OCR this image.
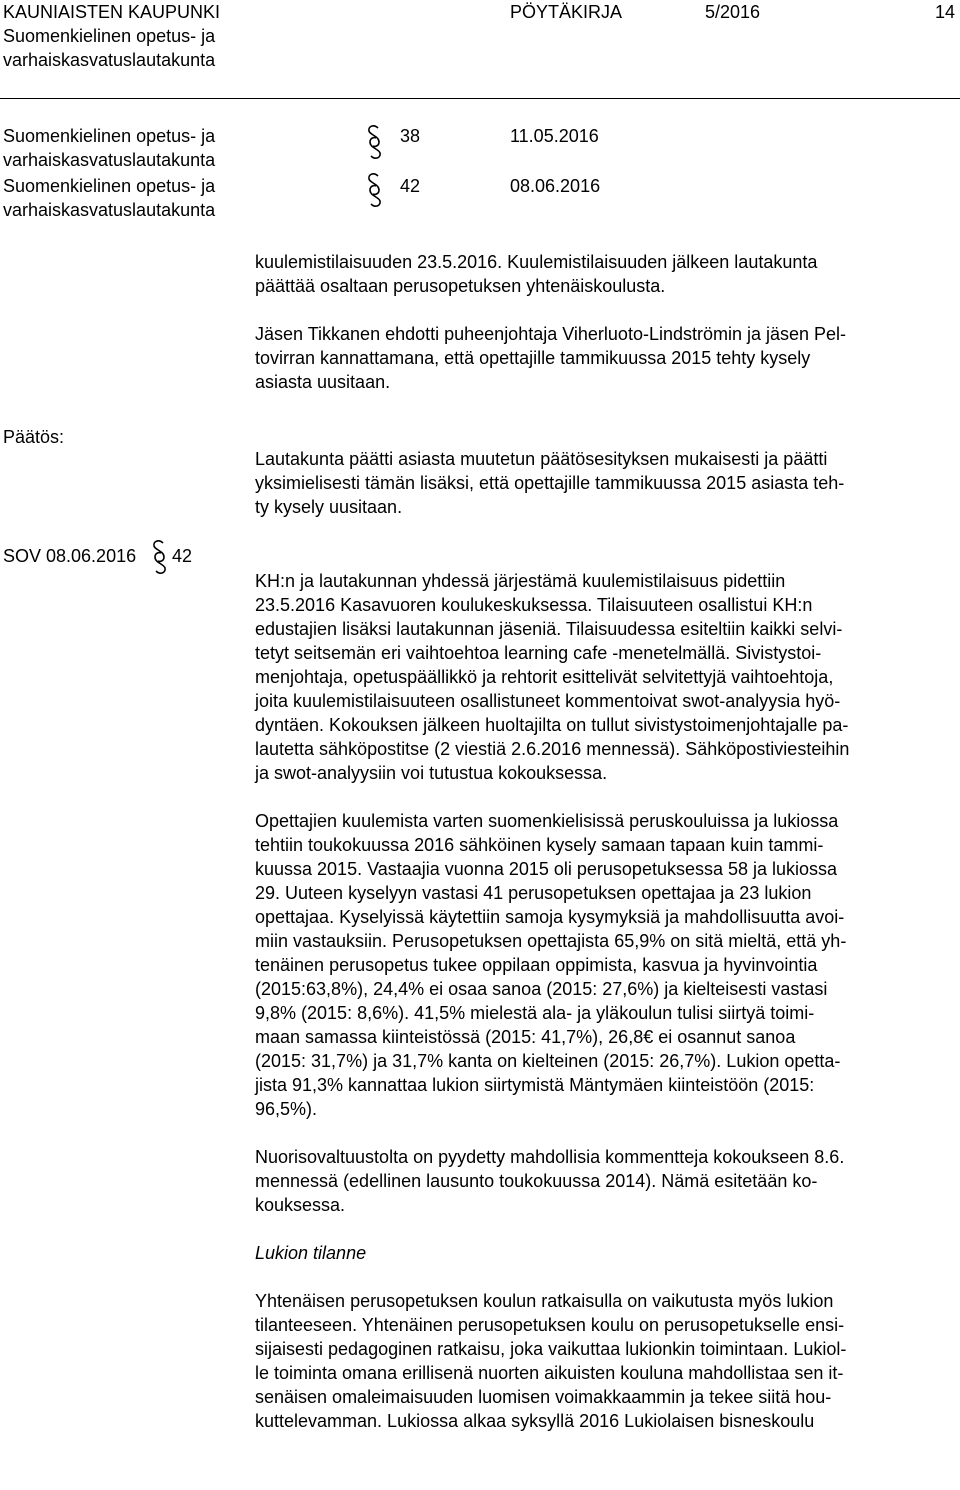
KAUNIAISTEN KAUPUNKI
Suomenkielinen opetus- ja
varhaiskasvatuslautakunta
PÖYTÄKIRJA	5/2016	14
Suomenkielinen opetus- ja
varhaiskasvatuslautakunta
38	11.05.2016
Suomenkielinen opetus- ja
varhaiskasvatuslautakunta
42	08.06.2016
Päätös:
SOV 08.06.2016 42

kuulemistilaisuuden 23.5.2016. Kuulemistilaisuuden jälkeen lautakunta
päättää osaltaan perusopetuksen yhtenäiskoulusta.

Jäsen Tikkanen ehdotti puheenjohtaja Viherluoto-Lindströmin ja jäsen Pel-
tovirran kannattamana, että opettajille tammikuussa 2015 tehty kysely
asiasta uusitaan.

Lautakunta päätti asiasta muutetun päätösesityksen mukaisesti ja päätti
yksimielisesti tämän lisäksi, että opettajille tammikuussa 2015 asiasta teh-
ty kysely uusitaan.

KH:n ja lautakunnan yhdessä järjestämä kuulemistilaisuus pidettiin
23.5.2016 Kasavuoren koulukeskuksessa. Tilaisuuteen osallistui KH:n
edustajien lisäksi lautakunnan jäseniä. Tilaisuudessa esiteltiin kaikki selvi-
tetyt seitsemän eri vaihtoehtoa learning cafe -menetelmällä. Sivistystoi-
menjohtaja, opetuspäällikkö ja rehtorit esittelivät selvitettyjä vaihtoehtoja,
joita kuulemistilaisuuteen osallistuneet kommentoivat swot-analyysia hyö-
dyntäen. Kokouksen jälkeen huoltajilta on tullut sivistystoimenjohtajalle pa-
lautetta sähköpostitse (2 viestiä 2.6.2016 mennessä). Sähköpostiviesteihin
ja swot-analyysiin voi tutustua kokouksessa.

Opettajien kuulemista varten suomenkielisissä peruskouluissa ja lukiossa
tehtiin toukokuussa 2016 sähköinen kysely samaan tapaan kuin tammi-
kuussa 2015. Vastaajia vuonna 2015 oli perusopetuksessa 58 ja lukiossa
29. Uuteen kyselyyn vastasi 41 perusopetuksen opettajaa ja 23 lukion
opettajaa. Kyselyissä käytettiin samoja kysymyksiä ja mahdollisuutta avoi-
miin vastauksiin. Perusopetuksen opettajista 65,9% on sitä mieltä, että yh-
tenäinen perusopetus tukee oppilaan oppimista, kasvua ja hyvinvointia
(2015:63,8%), 24,4% ei osaa sanoa (2015: 27,6%) ja kielteisesti vastasi
9,8% (2015: 8,6%). 41,5% mielestä ala- ja yläkoulun tulisi siirtyä toimi-
maan samassa kiinteistössä (2015: 41,7%), 26,8€ ei osannut sanoa
(2015: 31,7%) ja 31,7% kanta on kielteinen (2015: 26,7%). Lukion opetta-
jista 91,3% kannattaa lukion siirtymistä Mäntymäen kiinteistöön (2015:
96,5%).

Nuorisovaltuustolta on pyydetty mahdollisia kommentteja kokoukseen 8.6.
mennessä (edellinen lausunto toukokuussa 2014). Nämä esitetään ko-
kouksessa.

Lukion tilanne

Yhtenäisen perusopetuksen koulun ratkaisulla on vaikutusta myös lukion
tilanteeseen. Yhtenäinen perusopetuksen koulu on perusopetukselle ensi-
sijaisesti pedagoginen ratkaisu, joka vaikuttaa lukionkin toimintaan. Lukiol-
le toiminta omana erillisenä nuorten aikuisten kouluna mahdollistaa sen it-
senäisen omaleimaisuuden luomisen voimakkaammin ja tekee siitä hou-
kuttelevamman. Lukiossa alkaa syksyllä 2016 Lukiolaisen bisneskoulu
